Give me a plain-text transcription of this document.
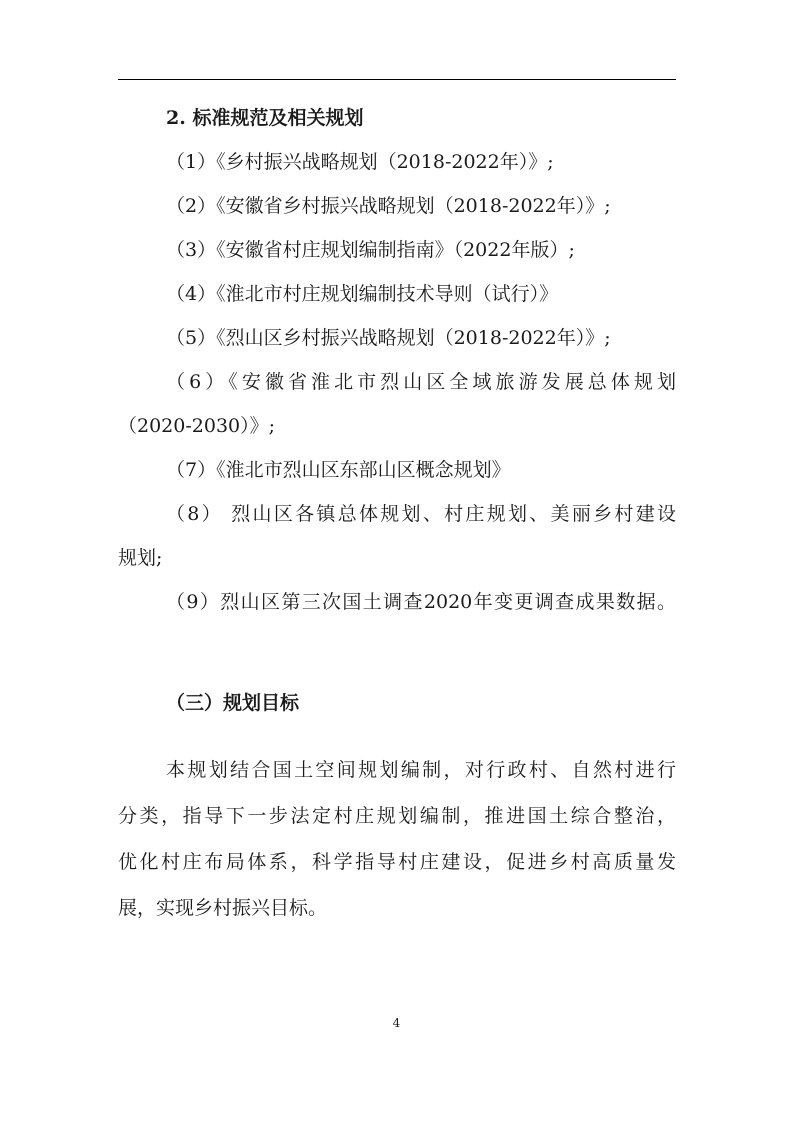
2. 标准规范及相关规划
（1）《乡村振兴战略规划（2018-2022年）》;
（2）《安徽省乡村振兴战略规划（2018-2022年）》;
（3）《安徽省村庄规划编制指南》（2022年版）;
（4）《淮北市村庄规划编制技术导则（试行）》
（5）《烈山区乡村振兴战略规划（2018-2022年）》;
（6）《安徽省淮北市烈山区全域旅游发展总体规划
（2020-2030）》;
（7）《淮北市烈山区东部山区概念规划》
（8） 烈山区各镇总体规划、村庄规划、美丽乡村建设
规划;
（9）烈山区第三次国土调查2020年变更调查成果数据。
（三）规划目标
本规划结合国土空间规划编制，对行政村、自然村进行
分类，指导下一步法定村庄规划编制，推进国土综合整治，
优化村庄布局体系，科学指导村庄建设，促进乡村高质量发
展，实现乡村振兴目标。
4
